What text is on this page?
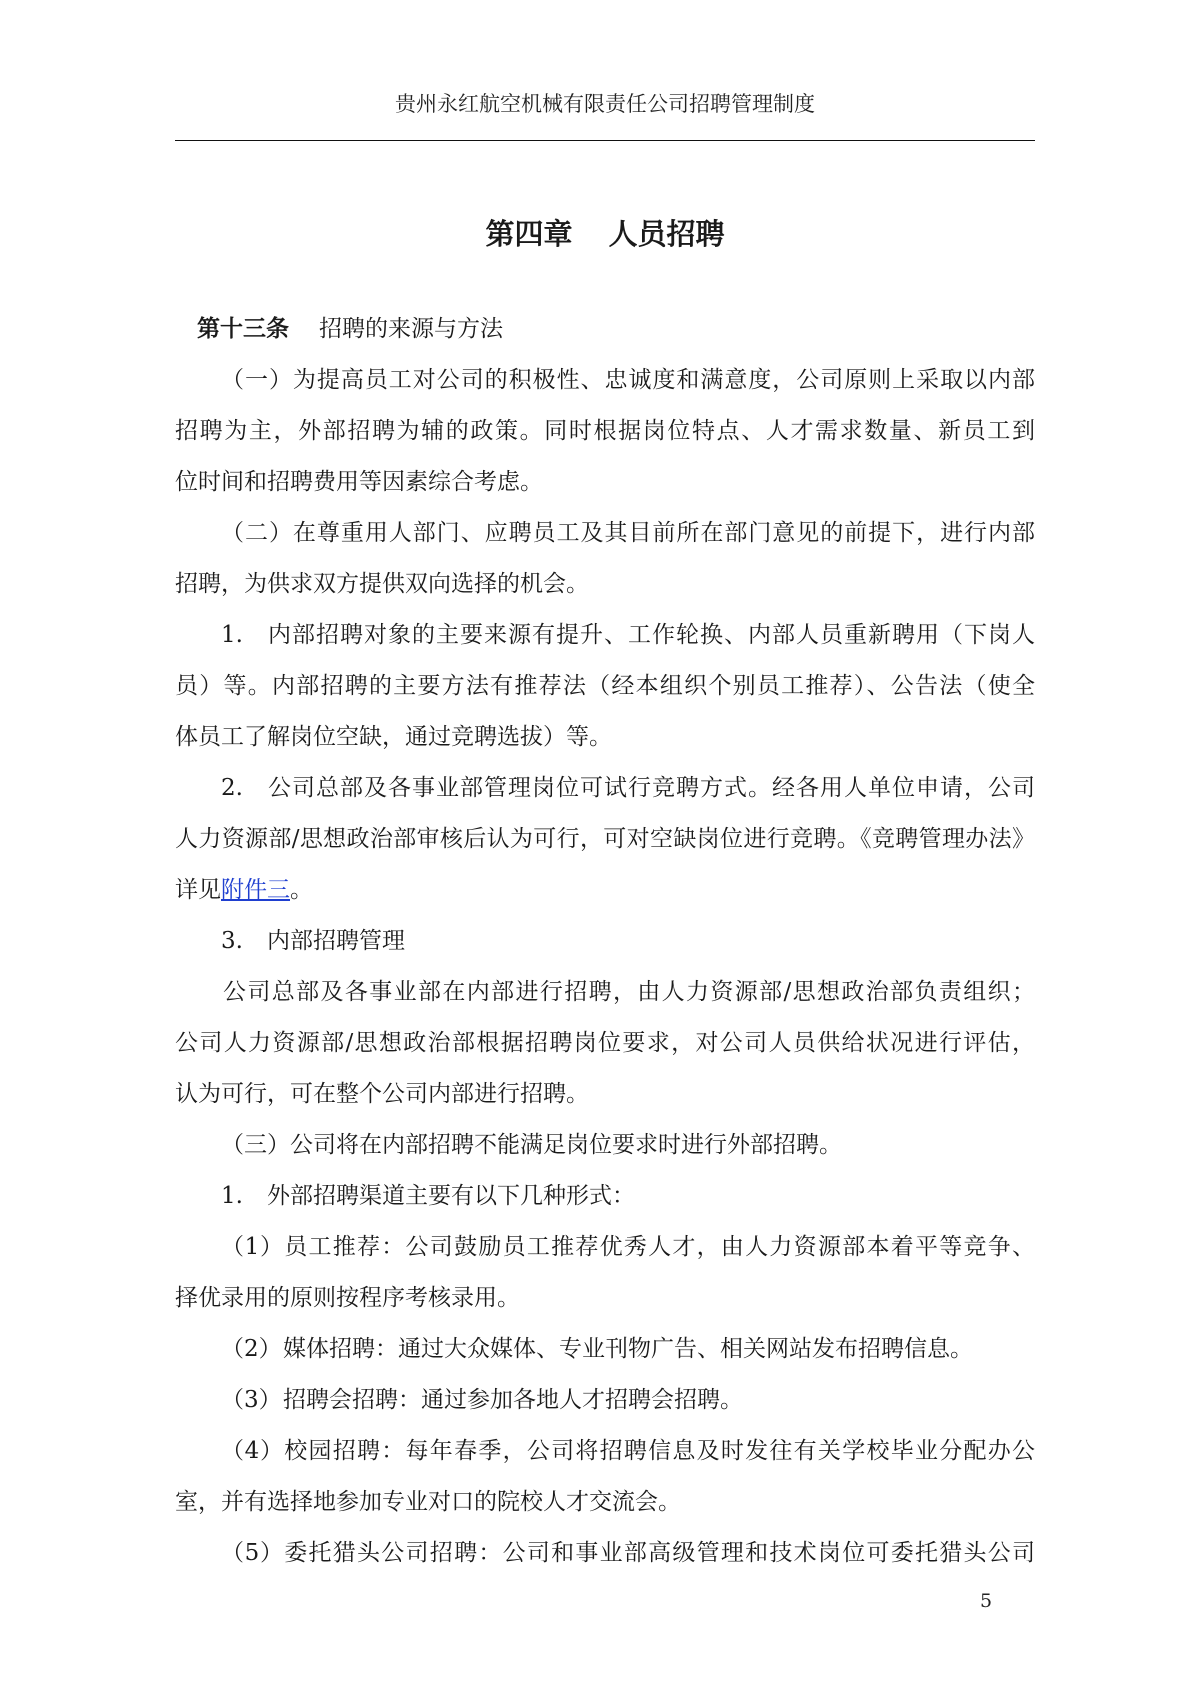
贵州永红航空机械有限责任公司招聘管理制度
第四章 人员招聘

第十三条 招聘的来源与方法

（一）为提高员工对公司的积极性、忠诚度和满意度，公司原则上采取以内部
招聘为主，外部招聘为辅的政策。同时根据岗位特点、人才需求数量、新员工到
位时间和招聘费用等因素综合考虑。
（二）在尊重用人部门、应聘员工及其目前所在部门意见的前提下，进行内部
招聘，为供求双方提供双向选择的机会。
1. 内部招聘对象的主要来源有提升、工作轮换、内部人员重新聘用（下岗人
员）等。内部招聘的主要方法有推荐法（经本组织个别员工推荐）、公告法（使全
体员工了解岗位空缺，通过竞聘选拔）等。
2. 公司总部及各事业部管理岗位可试行竞聘方式。经各用人单位申请，公司
人力资源部/思想政治部审核后认为可行，可对空缺岗位进行竞聘。《竞聘管理办法》
详见附件三。
3. 内部招聘管理
公司总部及各事业部在内部进行招聘，由人力资源部/思想政治部负责组织；
公司人力资源部/思想政治部根据招聘岗位要求，对公司人员供给状况进行评估，
认为可行，可在整个公司内部进行招聘。
（三）公司将在内部招聘不能满足岗位要求时进行外部招聘。
1. 外部招聘渠道主要有以下几种形式：
（1）员工推荐：公司鼓励员工推荐优秀人才，由人力资源部本着平等竞争、
择优录用的原则按程序考核录用。
（2）媒体招聘：通过大众媒体、专业刊物广告、相关网站发布招聘信息。
（3）招聘会招聘：通过参加各地人才招聘会招聘。
（4）校园招聘：每年春季，公司将招聘信息及时发往有关学校毕业分配办公
室，并有选择地参加专业对口的院校人才交流会。
（5）委托猎头公司招聘：公司和事业部高级管理和技术岗位可委托猎头公司
5
